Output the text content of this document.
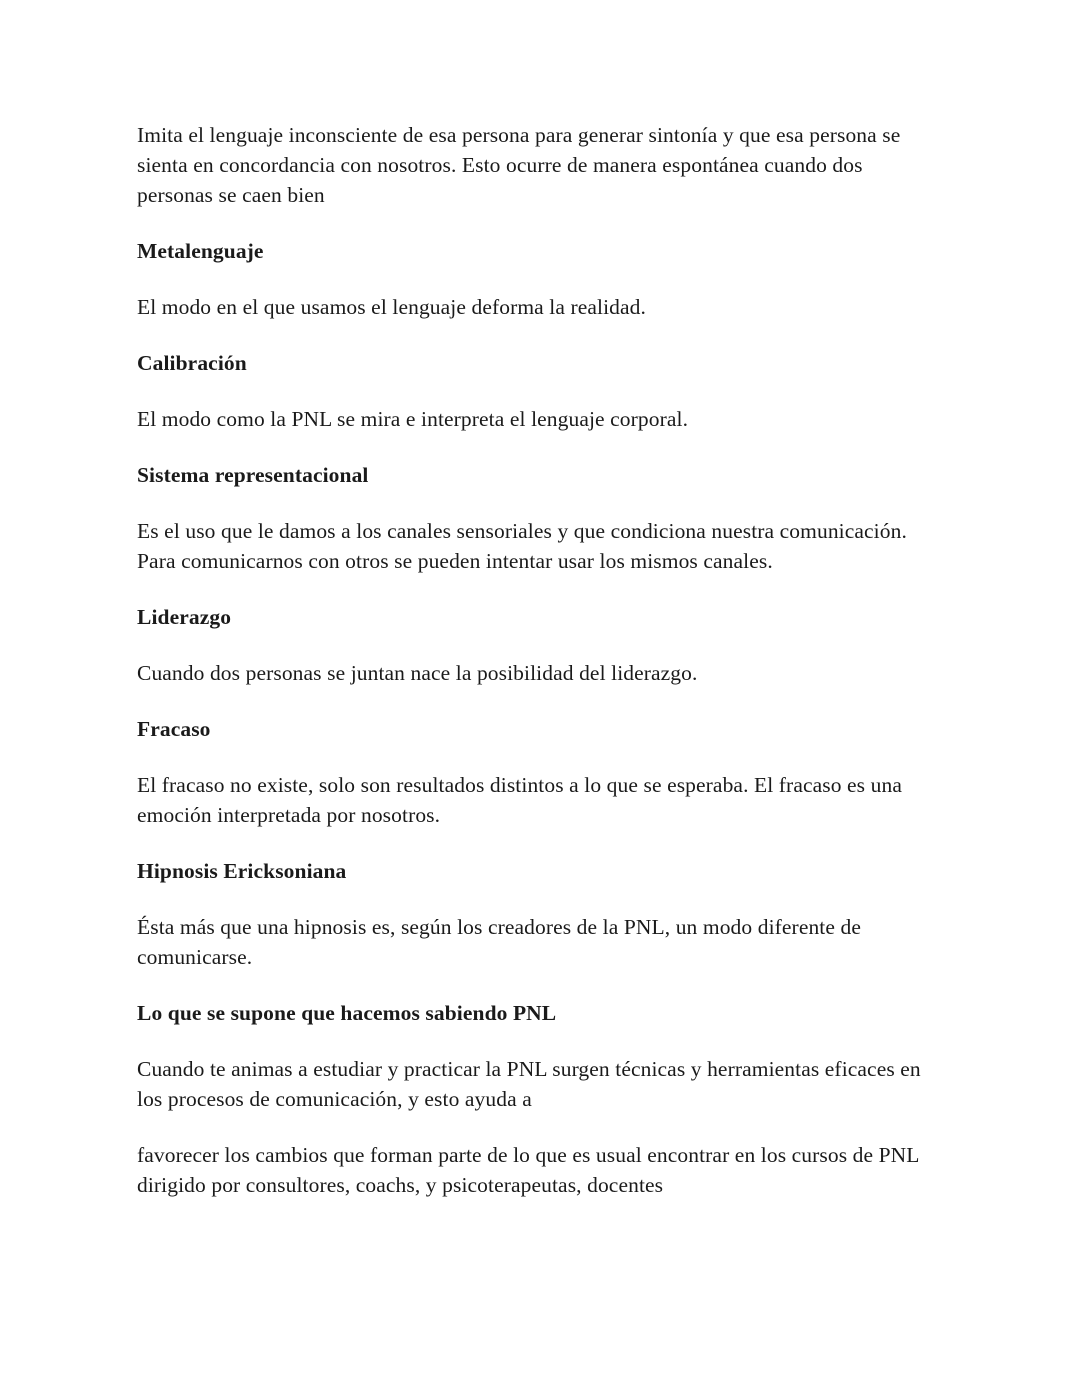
Imita el lenguaje inconsciente de esa persona para generar sintonía y que esa persona se sienta en concordancia con nosotros. Esto ocurre de manera espontánea cuando dos personas se caen bien

Metalenguaje

El modo en el que usamos el lenguaje deforma la realidad.

Calibración

El modo como la PNL se mira e interpreta el lenguaje corporal.

Sistema representacional

Es el uso que le damos a los canales sensoriales y que condiciona nuestra comunicación. Para comunicarnos con otros se pueden intentar usar los mismos canales.

Liderazgo

Cuando dos personas se juntan nace la posibilidad del liderazgo.

Fracaso

El fracaso no existe, solo son resultados distintos a lo que se esperaba. El fracaso es una emoción interpretada por nosotros.

Hipnosis Ericksoniana

Ésta más que una hipnosis es, según los creadores de la PNL, un modo diferente de comunicarse.

Lo que se supone que hacemos sabiendo PNL

Cuando te animas a estudiar y practicar la PNL surgen técnicas y herramientas eficaces en los procesos de comunicación, y esto ayuda a

favorecer los cambios que forman parte de lo que es usual encontrar en los cursos de PNL dirigido por consultores, coachs, y psicoterapeutas, docentes
